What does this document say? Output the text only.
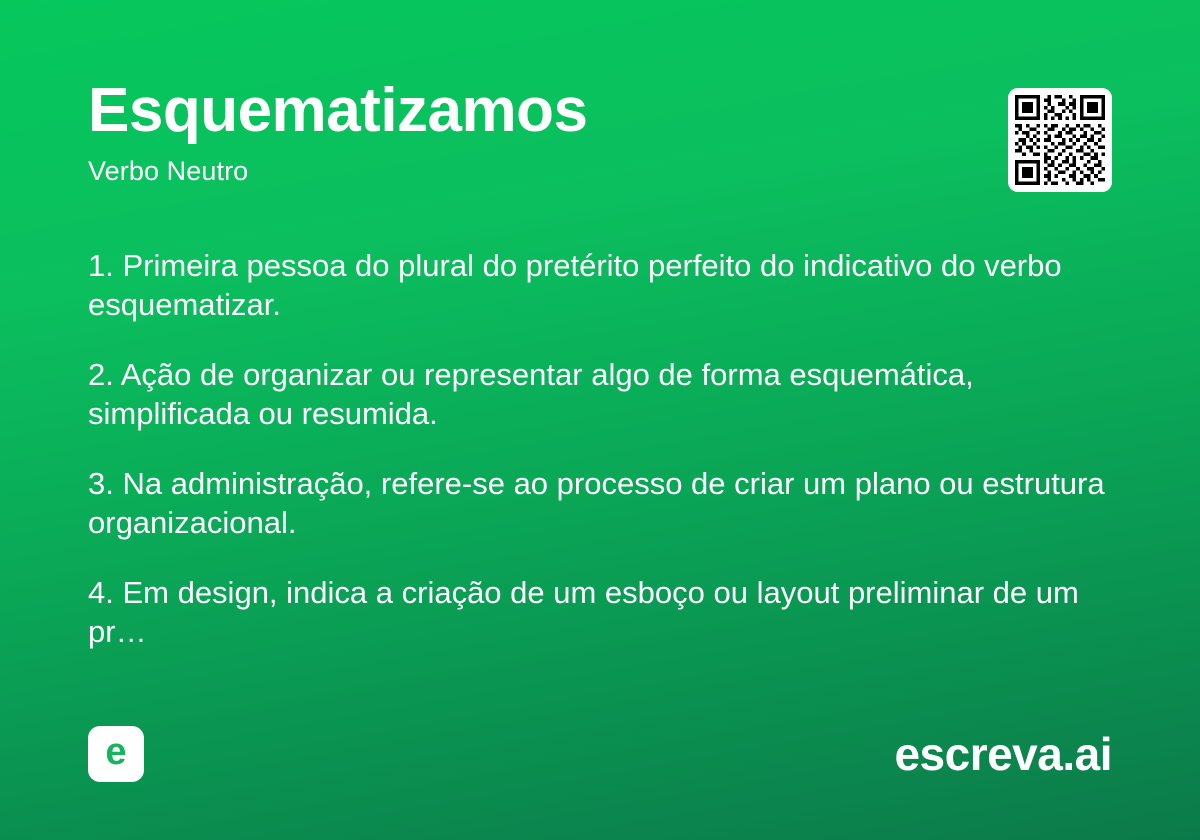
Esquematizamos
Verbo Neutro

1. Primeira pessoa do plural do pretérito perfeito do indicativo do verbo esquematizar.

2. Ação de organizar ou representar algo de forma esquemática, simplificada ou resumida.

3. Na administração, refere-se ao processo de criar um plano ou estrutura organizacional.

4. Em design, indica a criação de um esboço ou layout preliminar de um pr…

e	escreva.ai
